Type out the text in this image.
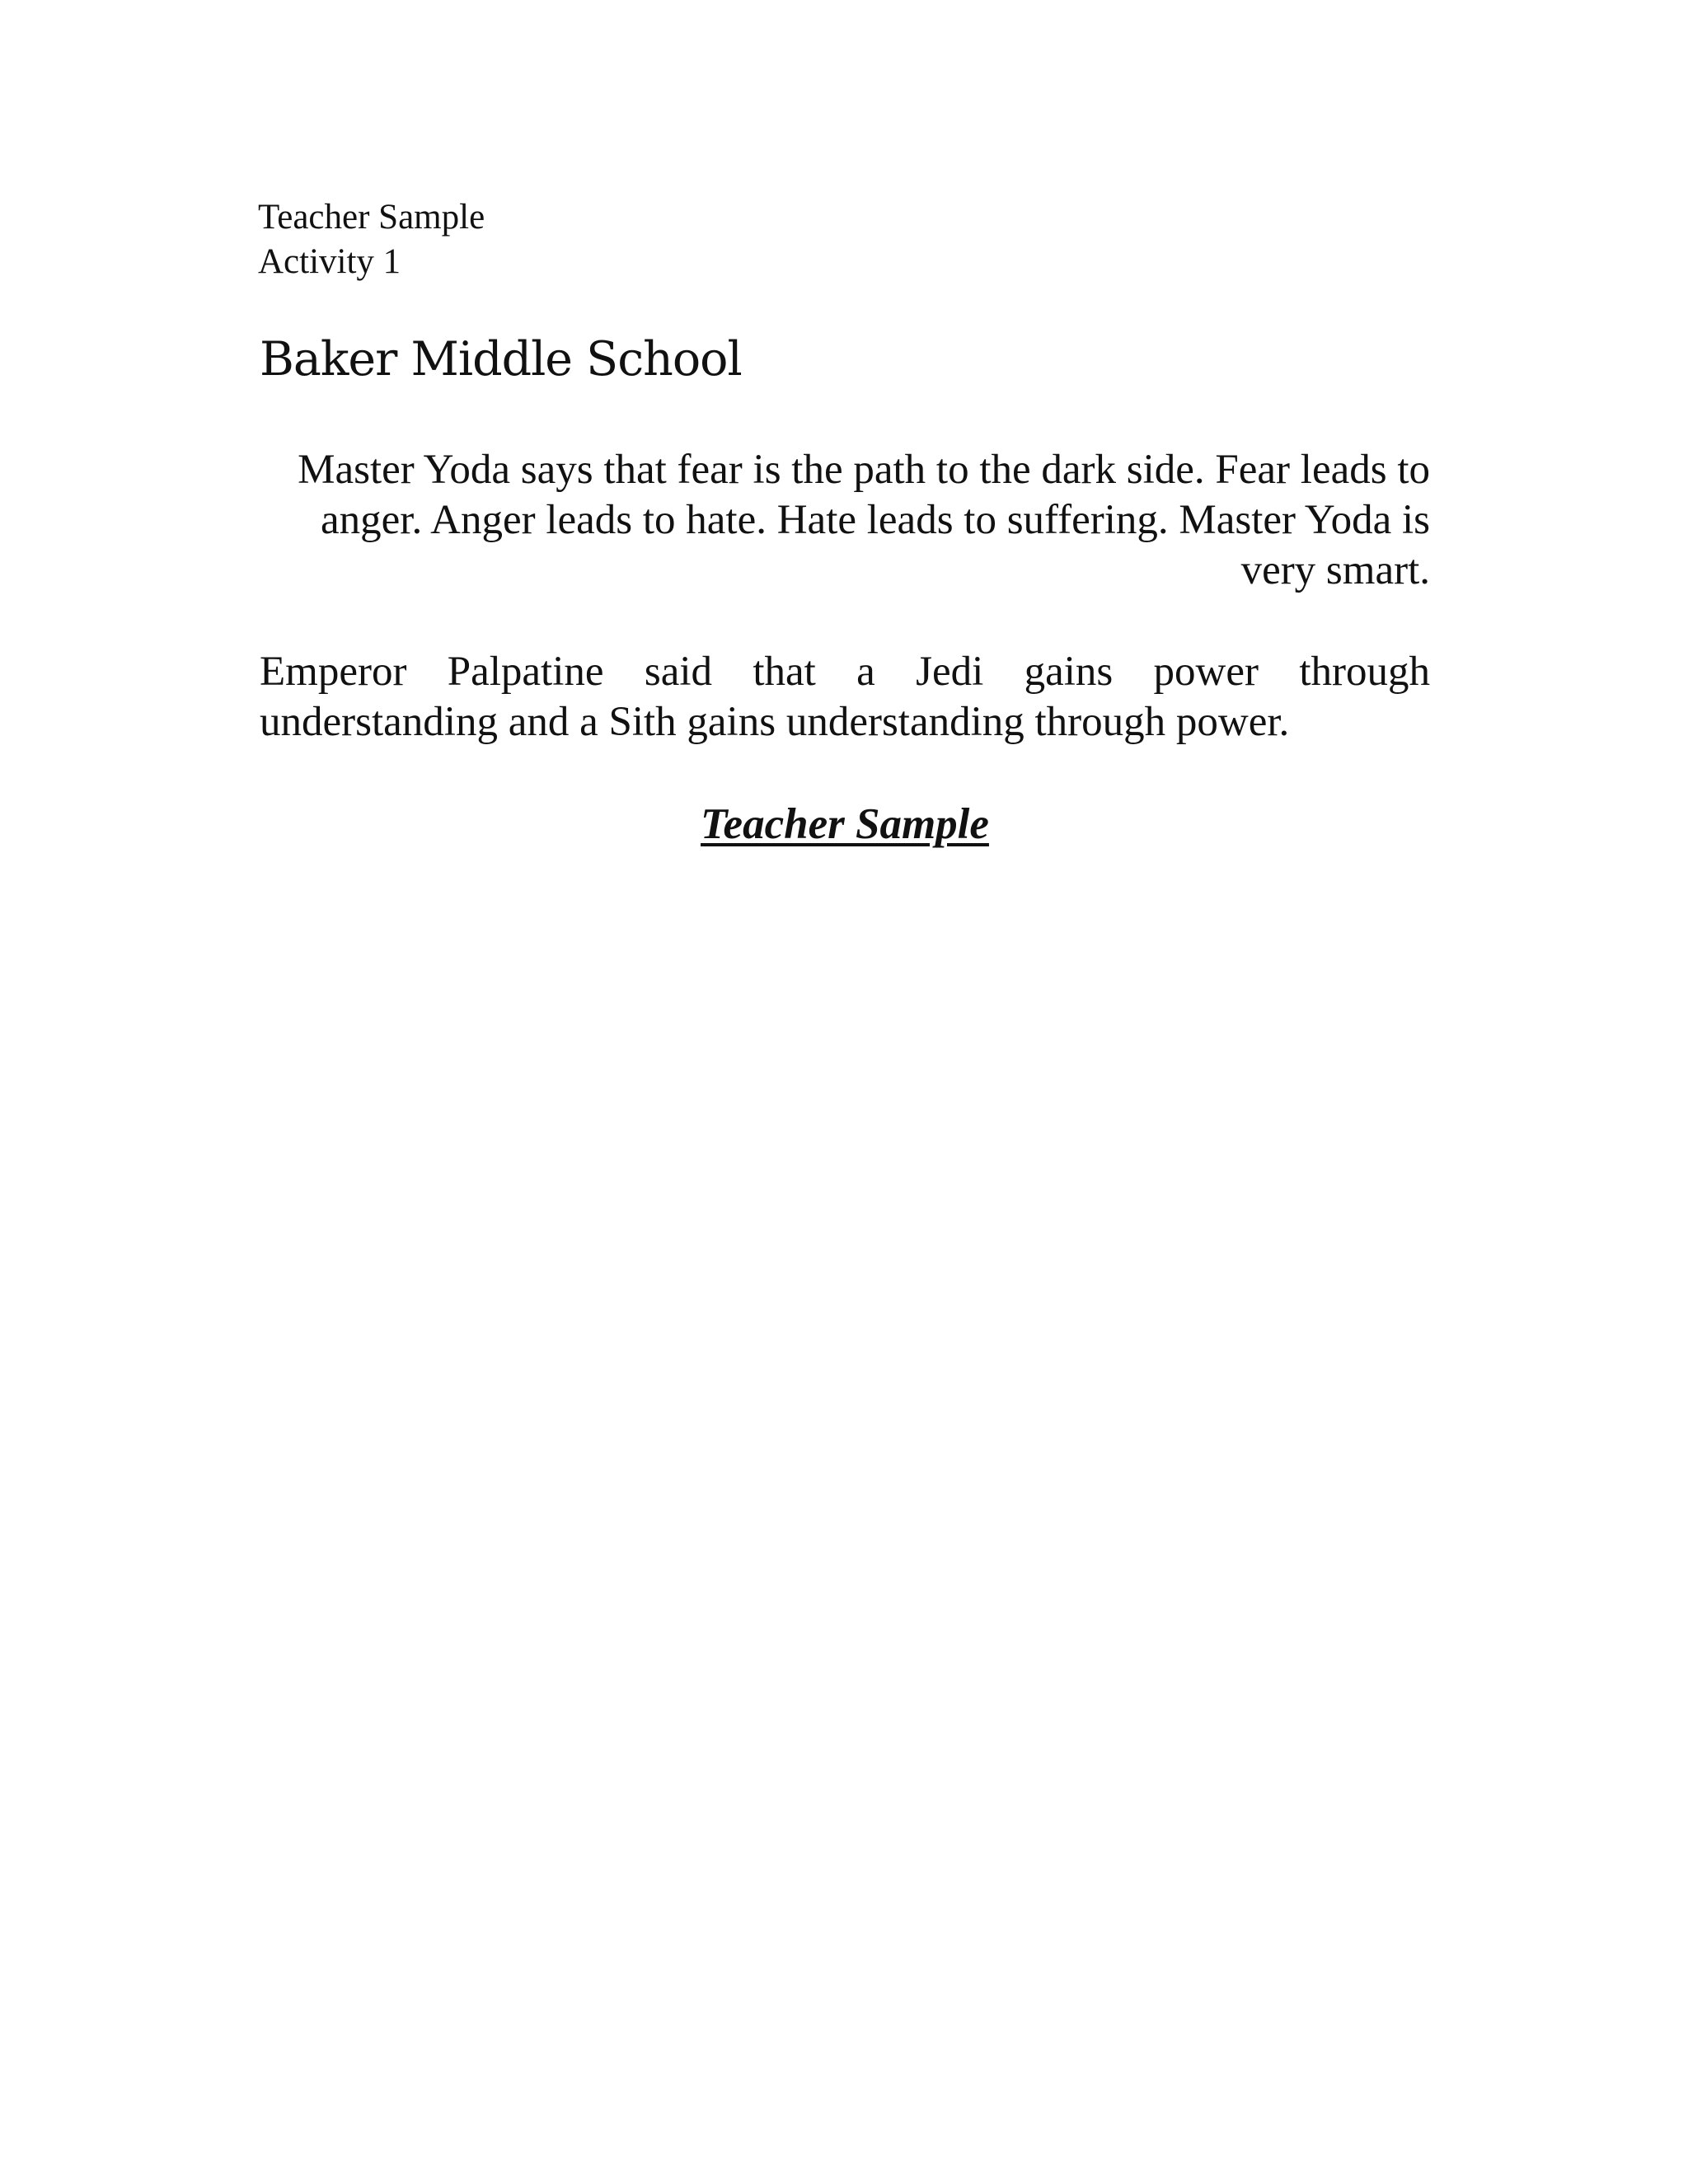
Teacher Sample
Activity 1
Baker Middle School

Master Yoda says that fear is the path to the dark side. Fear leads to anger. Anger leads to hate. Hate leads to suffering. Master Yoda is very smart.

Emperor Palpatine said that a Jedi gains power through understanding and a Sith gains understanding through power.

Teacher Sample
